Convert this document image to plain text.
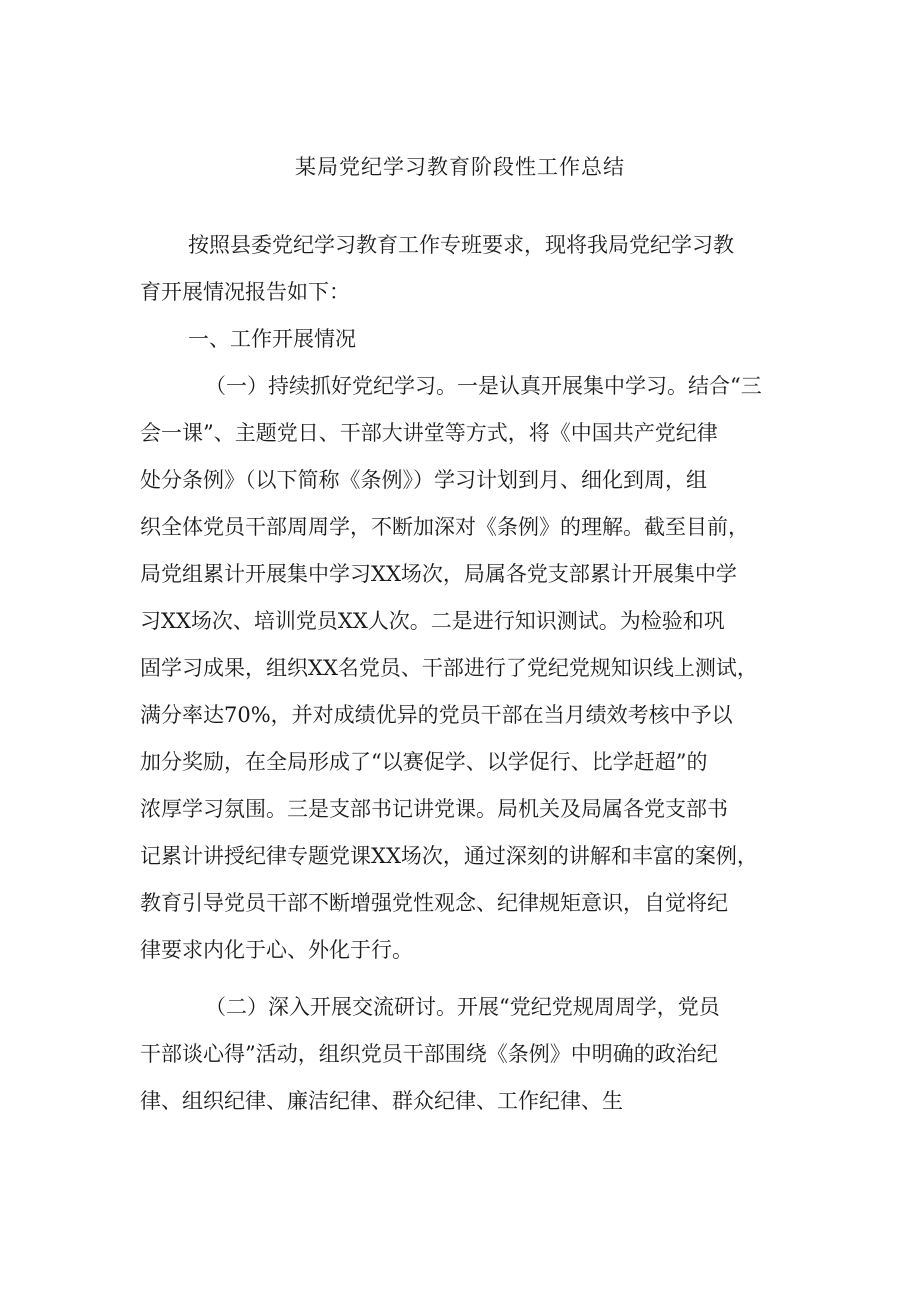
某局党纪学习教育阶段性工作总结
按照县委党纪学习教育工作专班要求，现将我局党纪学习教
育开展情况报告如下：
一、工作开展情况
（一）持续抓好党纪学习。一是认真开展集中学习。结合“三
会一课”、主题党日、干部大讲堂等方式，将《中国共产党纪律
处分条例》（以下简称《条例》）学习计划到月、细化到周，组
织全体党员干部周周学，不断加深对《条例》的理解。截至目前，
局党组累计开展集中学习XX场次，局属各党支部累计开展集中学
习XX场次、培训党员XX人次。二是进行知识测试。为检验和巩
固学习成果，组织XX名党员、干部进行了党纪党规知识线上测试，
满分率达70%，并对成绩优异的党员干部在当月绩效考核中予以
加分奖励，在全局形成了“以赛促学、以学促行、比学赶超”的
浓厚学习氛围。三是支部书记讲党课。局机关及局属各党支部书
记累计讲授纪律专题党课XX场次，通过深刻的讲解和丰富的案例，
教育引导党员干部不断增强党性观念、纪律规矩意识，自觉将纪
律要求内化于心、外化于行。
（二）深入开展交流研讨。开展“党纪党规周周学，党员
干部谈心得”活动，组织党员干部围绕《条例》中明确的政治纪
律、组织纪律、廉洁纪律、群众纪律、工作纪律、生
